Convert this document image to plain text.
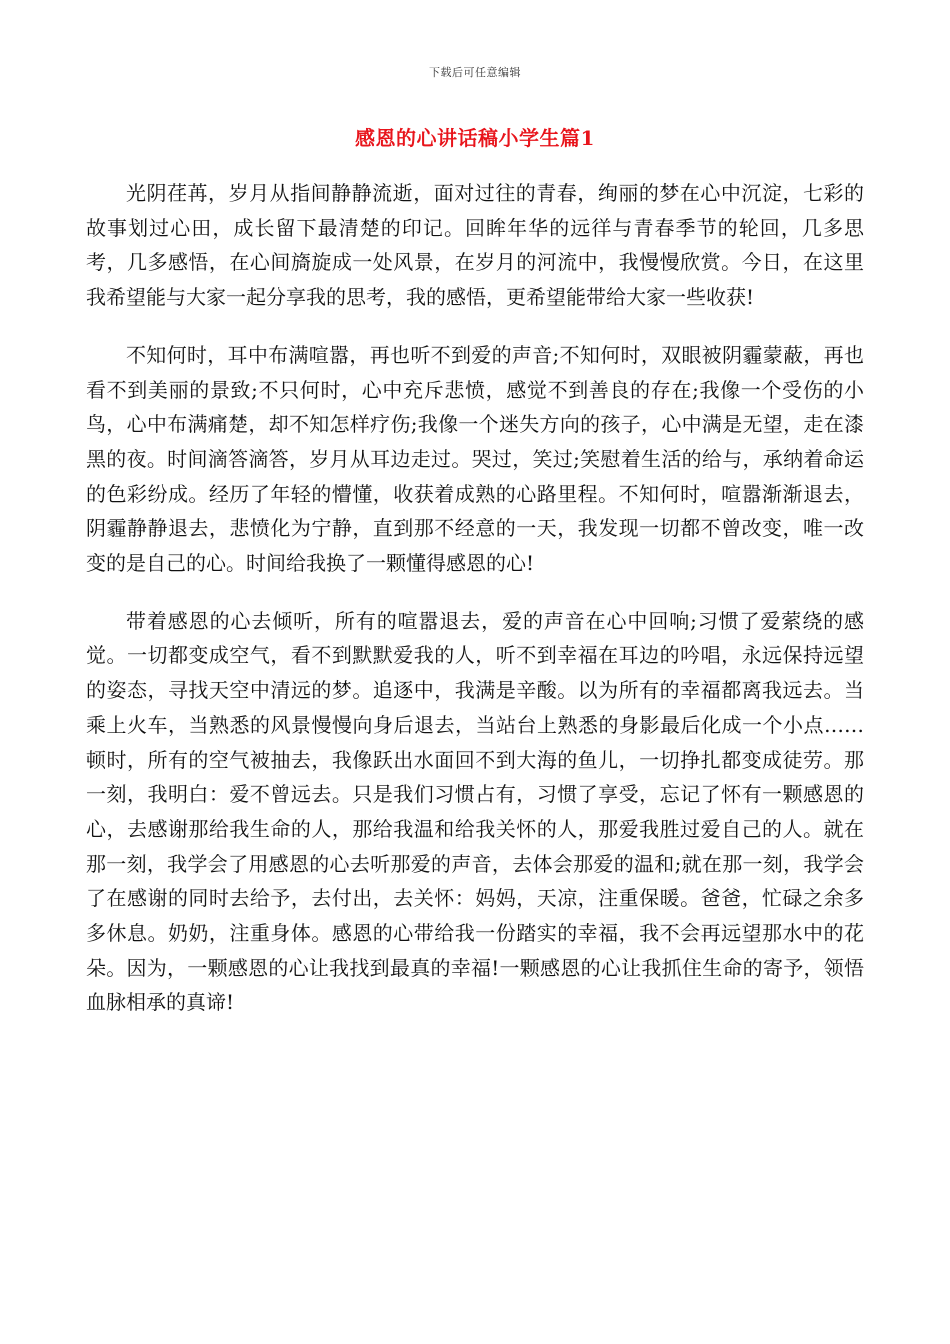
下载后可任意编辑
感恩的心讲话稿小学生篇1

光阴荏苒，岁月从指间静静流逝，面对过往的青春，绚丽的梦在心中沉淀，七彩的故事划过心田，成长留下最清楚的印记。回眸年华的远徉与青春季节的轮回，几多思考，几多感悟，在心间旖旋成一处风景，在岁月的河流中，我慢慢欣赏。今日，在这里我希望能与大家一起分享我的思考，我的感悟，更希望能带给大家一些收获!

不知何时，耳中布满喧嚣，再也听不到爱的声音;不知何时，双眼被阴霾蒙蔽，再也看不到美丽的景致;不只何时，心中充斥悲愤，感觉不到善良的存在;我像一个受伤的小鸟，心中布满痛楚，却不知怎样疗伤;我像一个迷失方向的孩子，心中满是无望，走在漆黑的夜。时间滴答滴答，岁月从耳边走过。哭过，笑过;笑慰着生活的给与，承纳着命运的色彩纷成。经历了年轻的懵懂，收获着成熟的心路里程。不知何时，喧嚣渐渐退去，阴霾静静退去，悲愤化为宁静，直到那不经意的一天，我发现一切都不曾改变，唯一改变的是自己的心。时间给我换了一颗懂得感恩的心!

带着感恩的心去倾听，所有的喧嚣退去，爱的声音在心中回响;习惯了爱萦绕的感觉。一切都变成空气，看不到默默爱我的人，听不到幸福在耳边的吟唱，永远保持远望的姿态，寻找天空中清远的梦。追逐中，我满是辛酸。以为所有的幸福都离我远去。当乘上火车，当熟悉的风景慢慢向身后退去，当站台上熟悉的身影最后化成一个小点……顿时，所有的空气被抽去，我像跃出水面回不到大海的鱼儿，一切挣扎都变成徒劳。那一刻，我明白：爱不曾远去。只是我们习惯占有，习惯了享受，忘记了怀有一颗感恩的心，去感谢那给我生命的人，那给我温和给我关怀的人，那爱我胜过爱自己的人。就在那一刻，我学会了用感恩的心去听那爱的声音，去体会那爱的温和;就在那一刻，我学会了在感谢的同时去给予，去付出，去关怀：妈妈，天凉，注重保暖。爸爸，忙碌之余多多休息。奶奶，注重身体。感恩的心带给我一份踏实的幸福，我不会再远望那水中的花朵。因为，一颗感恩的心让我找到最真的幸福!一颗感恩的心让我抓住生命的寄予，领悟血脉相承的真谛!
